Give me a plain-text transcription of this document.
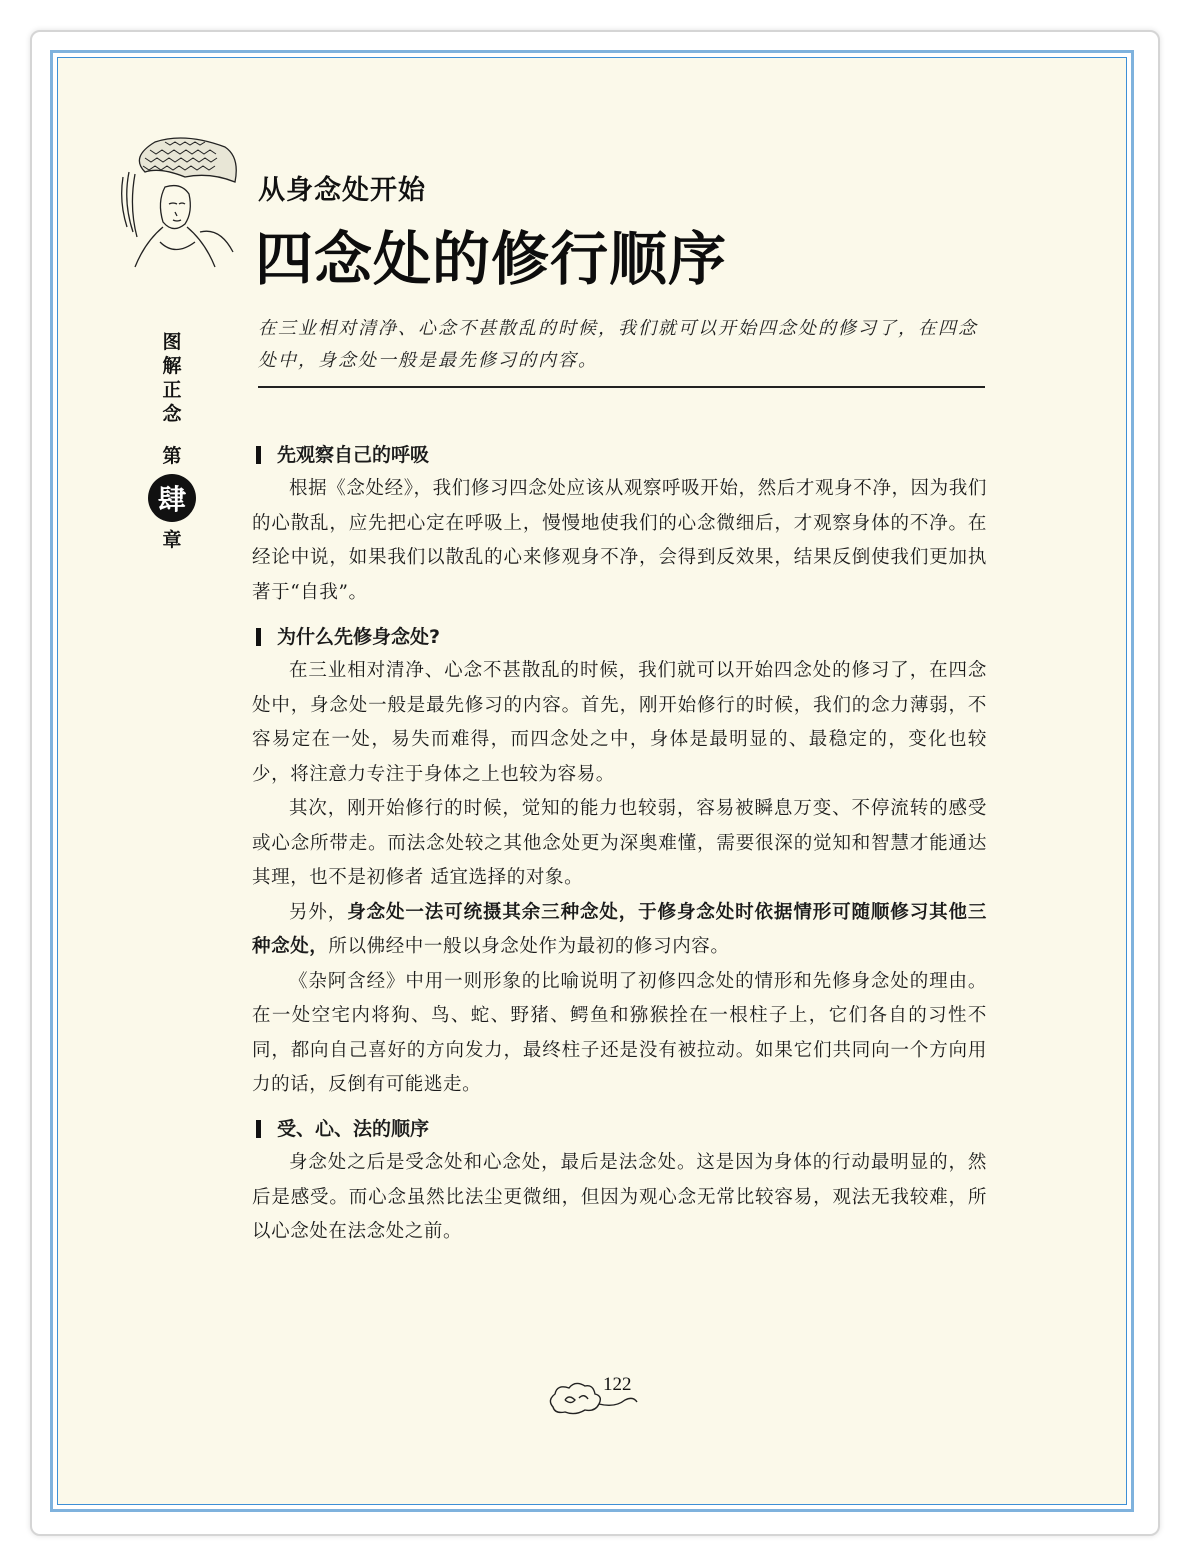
从身念处开始
四念处的修行顺序
图
解
正
念
第
肆
章
在三业相对清净、心念不甚散乱的时候，我们就可以开始四念处的修习了，在四念处中，身念处一般是最先修习的内容。
先观察自己的呼吸

根据《念处经》，我们修习四念处应该从观察呼吸开始，然后才观身不净，因为我们的心散乱，应先把心定在呼吸上，慢慢地使我们的心念微细后，才观察身体的不净。在经论中说，如果我们以散乱的心来修观身不净，会得到反效果，结果反倒使我们更加执著于“自我”。

为什么先修身念处?

在三业相对清净、心念不甚散乱的时候，我们就可以开始四念处的修习了，在四念处中，身念处一般是最先修习的内容。首先，刚开始修行的时候，我们的念力薄弱，不容易定在一处，易失而难得，而四念处之中，身体是最明显的、最稳定的，变化也较少，将注意力专注于身体之上也较为容易。

其次，刚开始修行的时候，觉知的能力也较弱，容易被瞬息万变、不停流转的感受或心念所带走。而法念处较之其他念处更为深奥难懂，需要很深的觉知和智慧才能通达其理，也不是初修者 适宜选择的对象。

另外，身念处一法可统摄其余三种念处，于修身念处时依据情形可随顺修习其他三种念处，所以佛经中一般以身念处作为最初的修习内容。

《杂阿含经》中用一则形象的比喻说明了初修四念处的情形和先修身念处的理由。在一处空宅内将狗、鸟、蛇、野猪、鳄鱼和猕猴拴在一根柱子上，它们各自的习性不同，都向自己喜好的方向发力，最终柱子还是没有被拉动。如果它们共同向一个方向用力的话，反倒有可能逃走。

受、心、法的顺序

身念处之后是受念处和心念处，最后是法念处。这是因为身体的行动最明显的，然后是感受。而心念虽然比法尘更微细，但因为观心念无常比较容易，观法无我较难，所以心念处在法念处之前。

122
